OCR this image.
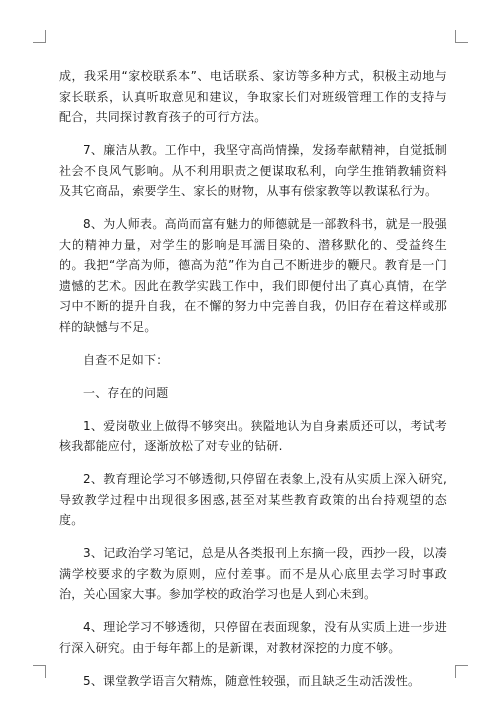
成，我采用“家校联系本”、电话联系、家访等多种方式，积极主动地与家长联系，认真听取意见和建议，争取家长们对班级管理工作的支持与配合，共同探讨教育孩子的可行方法。

7、廉洁从教。工作中，我坚守高尚情操，发扬奉献精神，自觉抵制社会不良风气影响。从不利用职责之便谋取私利，向学生推销教辅资料及其它商品，索要学生、家长的财物，从事有偿家教等以教谋私行为。

8、为人师表。高尚而富有魅力的师德就是一部教科书，就是一股强大的精神力量，对学生的影响是耳濡目染的、潜移默化的、受益终生的。我把“学高为师，德高为范”作为自己不断进步的鞭尺。教育是一门遗憾的艺术。因此在教学实践工作中，我们即便付出了真心真情，在学习中不断的提升自我，在不懈的努力中完善自我，仍旧存在着这样或那样的缺憾与不足。

自查不足如下：

一、存在的问题

1、爱岗敬业上做得不够突出。狭隘地认为自身素质还可以，考试考核我都能应付，逐渐放松了对专业的钻研.

2、教育理论学习不够透彻,只停留在表象上,没有从实质上深入研究,导致教学过程中出现很多困惑,甚至对某些教育政策的出台持观望的态度。

3、记政治学习笔记，总是从各类报刊上东摘一段，西抄一段，以凑满学校要求的字数为原则，应付差事。而不是从心底里去学习时事政治，关心国家大事。参加学校的政治学习也是人到心未到。

4、理论学习不够透彻，只停留在表面现象，没有从实质上进一步进行深入研究。由于每年都上的是新课，对教材深挖的力度不够。

5、课堂教学语言欠精炼，随意性较强，而且缺乏生动活泼性。
